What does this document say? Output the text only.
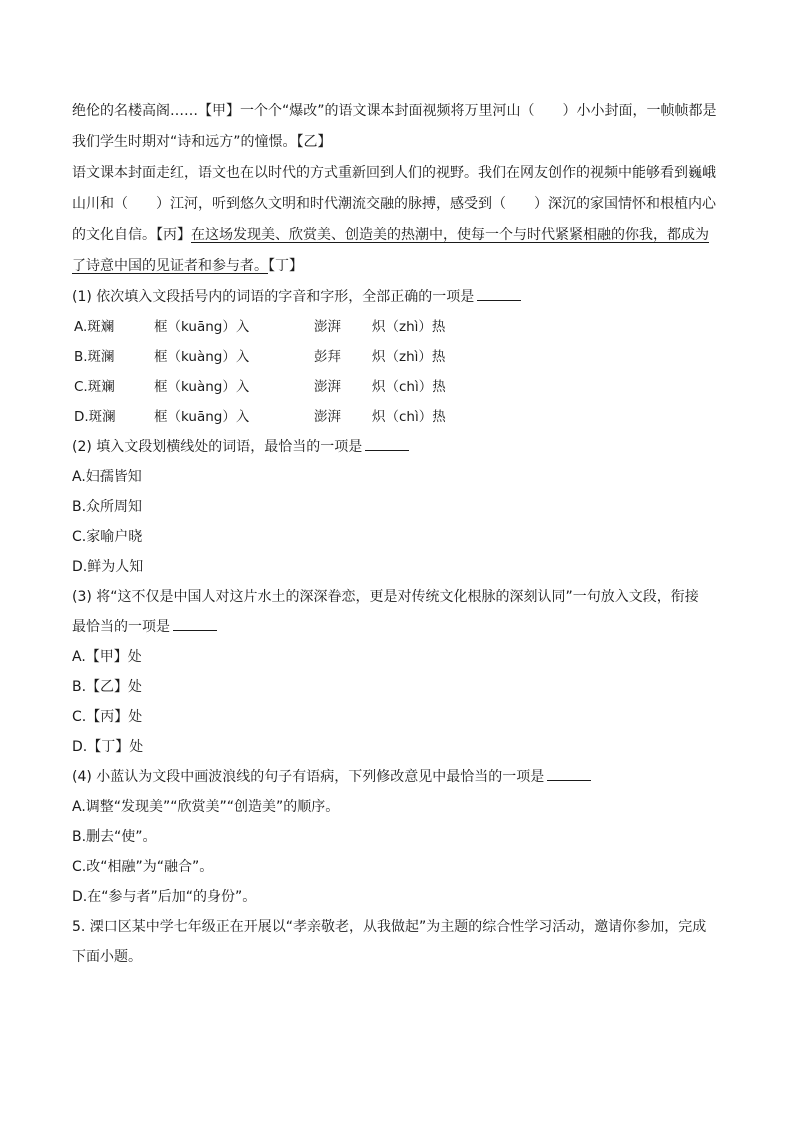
绝伦的名楼高阁……【甲】一个个“爆改”的语文课本封面视频将万里河山（　　）小小封面，一帧帧都是我们学生时期对“诗和远方”的憧憬。【乙】

语文课本封面走红，语文也在以时代的方式重新回到人们的视野。我们在网友创作的视频中能够看到巍峨山川和（　　）江河，听到悠久文明和时代潮流交融的脉搏，感受到（　　）深沉的家国情怀和根植内心的文化自信。【丙】在这场发现美、欣赏美、创造美的热潮中，使每一个与时代紧紧相融的你我，都成为了诗意中国的见证者和参与者。【丁】

(1) 依次填入文段括号内的词语的字音和字形，全部正确的一项是

A.斑斓	框（kuāng）入	澎湃	炽（zhì）热

B.斑澜	框（kuàng）入	彭拜	炽（zhì）热

C.斑斓	框（kuàng）入	澎湃	炽（chì）热

D.斑澜	框（kuāng）入	澎湃	炽（chì）热

(2) 填入文段划横线处的词语，最恰当的一项是

A.妇孺皆知

B.众所周知

C.家喻户晓

D.鲜为人知

(3) 将“这不仅是中国人对这片水土的深深眷恋，更是对传统文化根脉的深刻认同”一句放入文段，衔接

最恰当的一项是

A.【甲】处

B.【乙】处

C.【丙】处

D.【丁】处

(4) 小蓝认为文段中画波浪线的句子有语病，下列修改意见中最恰当的一项是

A.调整“发现美”“欣赏美”“创造美”的顺序。

B.删去“使”。

C.改“相融”为“融合”。

D.在“参与者”后加“的身份”。

5. 溧口区某中学七年级正在开展以“孝亲敬老，从我做起”为主题的综合性学习活动，邀请你参加，完成

下面小题。
